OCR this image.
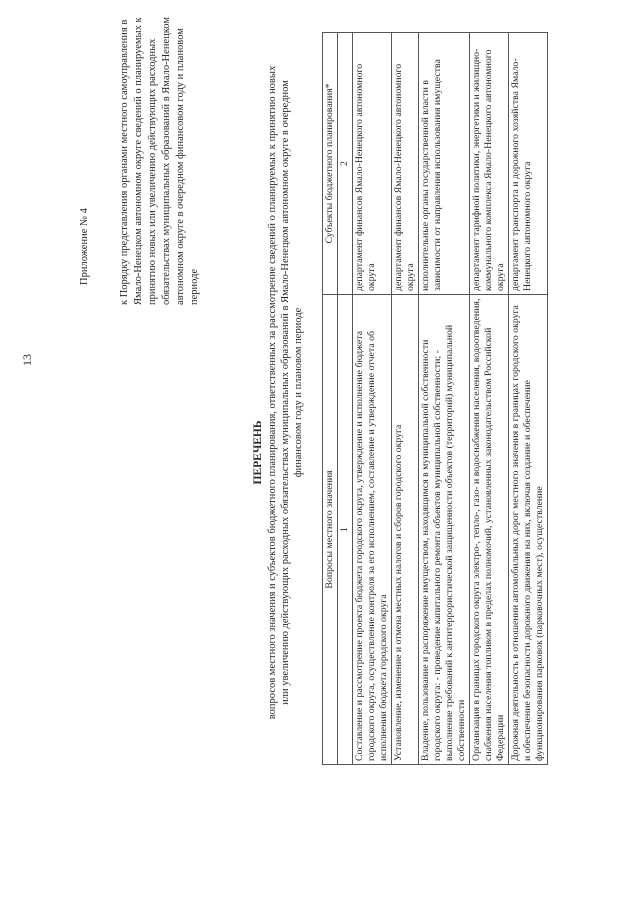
13
Приложение № 4	к Порядку представления органами местного самоуправления в Ямало-Ненецком автономном округе сведений о планируемых к принятию новых или увеличению действующих расходных обязательствах муниципальных образований в Ямало-Ненецком автономном округе в очередном финансовом году и плановом периоде

ПЕРЕЧЕНЬ вопросов местного значения и субъектов бюджетного планирования, ответственных за рассмотрение сведений о планируемых к принятию новых или увеличению действующих расходных обязательствах муниципальных образований в Ямало-Ненецком автономном округе в очередном финансовом году и плановом периоде
Вопросы местного значения	Субъекты бюджетного планирования*
1	2
Составление и рассмотрение проекта бюджета городского округа, утверждение и исполнение бюджета городского округа, осуществление контроля за его исполнением, составление и утверждение отчета об исполнении бюджета городского округа	департамент финансов Ямало-Ненецкого автономного округа
Установление, изменение и отмена местных налогов и сборов городского округа	департамент финансов Ямало-Ненецкого автономного округа
Владение, пользование и распоряжение имуществом, находящимся в муниципальной собственности городского округа: - проведение капитального ремонта объектов муниципальной собственности; - выполнение требований к антитеррористической защищенности объектов (территорий) муниципальной собственности	исполнительные органы государственной власти в зависимости от направления использования имущества
Организация в границах городского округа электро-, тепло-, газо- и водоснабжения населения, водоотведения, снабжения населения топливом в пределах полномочий, установленных законодательством Российской Федерации	департамент тарифной политики, энергетики и жилищно-коммунального комплекса Ямало-Ненецкого автономного округа
Дорожная деятельность в отношении автомобильных дорог местного значения в границах городского округа и обеспечение безопасности дорожного движения на них, включая создание и обеспечение функционирования парковок (парковочных мест), осуществление	департамент транспорта и дорожного хозяйства Ямало-Ненецкого автономного округа
